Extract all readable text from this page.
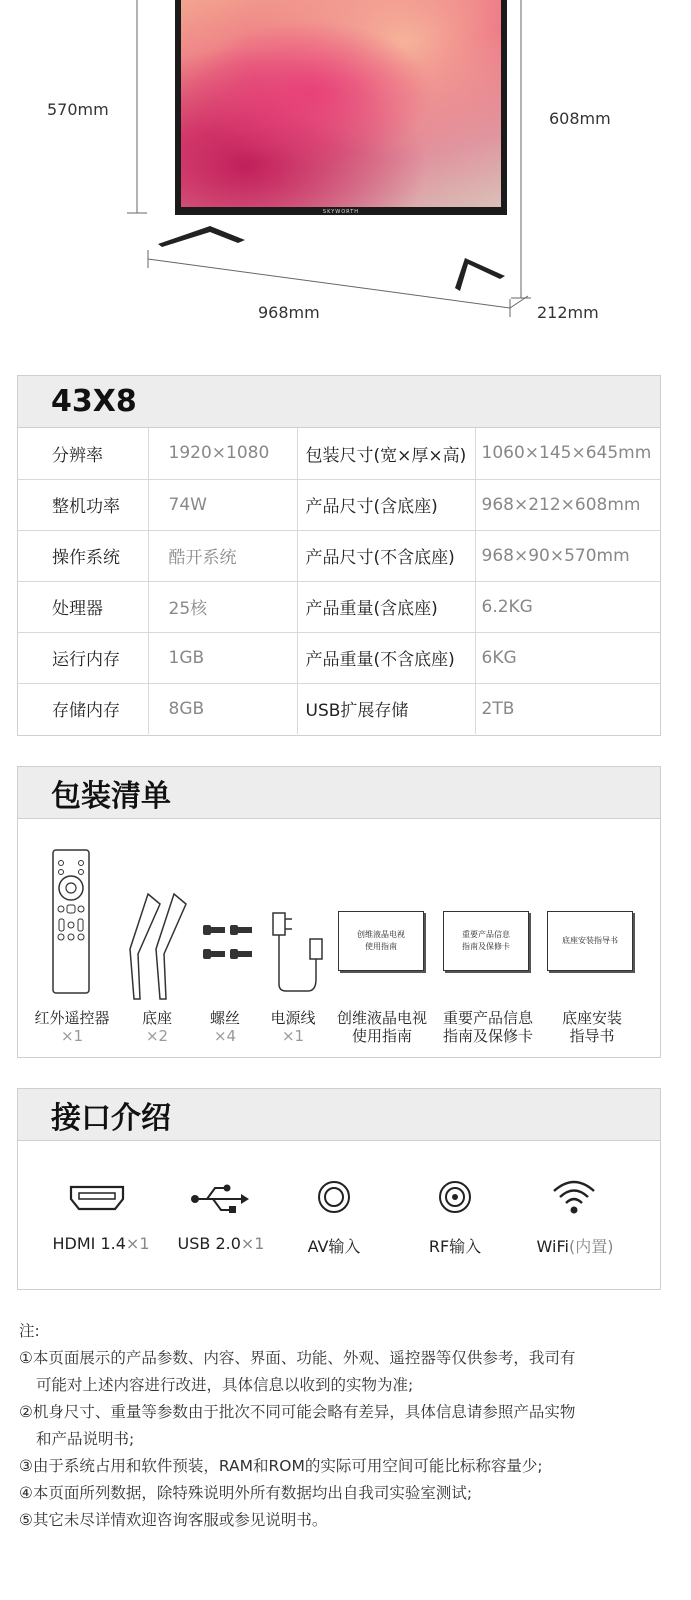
SKYWORTH
570mm	608mm
968mm	212mm
43X8
分辨率	1920×1080	包装尺寸(宽×厚×高)	1060×145×645mm
整机功率	74W	产品尺寸(含底座)	968×212×608mm
操作系统	酷开系统	产品尺寸(不含底座)	968×90×570mm
处理器	25核	产品重量(含底座)	6.2KG
运行内存	1GB	产品重量(不含底座)	6KG
存储内存	8GB	USB扩展存储	2TB
包装清单
创维液晶电视
使用指南
重要产品信息
指南及保修卡
底座安装指导书
红外遥控器
×1
底座
×2
螺丝
×4
电源线
×1
创维液晶电视
使用指南
重要产品信息
指南及保修卡
底座安装
指导书
接口介绍
HDMI 1.4×1	USB 2.0×1	AV输入	RF输入	WiFi(内置)
注:
①本页面展示的产品参数、内容、界面、功能、外观、遥控器等仅供参考，我司有
可能对上述内容进行改进，具体信息以收到的实物为准;
②机身尺寸、重量等参数由于批次不同可能会略有差异，具体信息请参照产品实物
和产品说明书;
③由于系统占用和软件预装，RAM和ROM的实际可用空间可能比标称容量少;
④本页面所列数据，除特殊说明外所有数据均出自我司实验室测试;
⑤其它未尽详情欢迎咨询客服或参见说明书。
